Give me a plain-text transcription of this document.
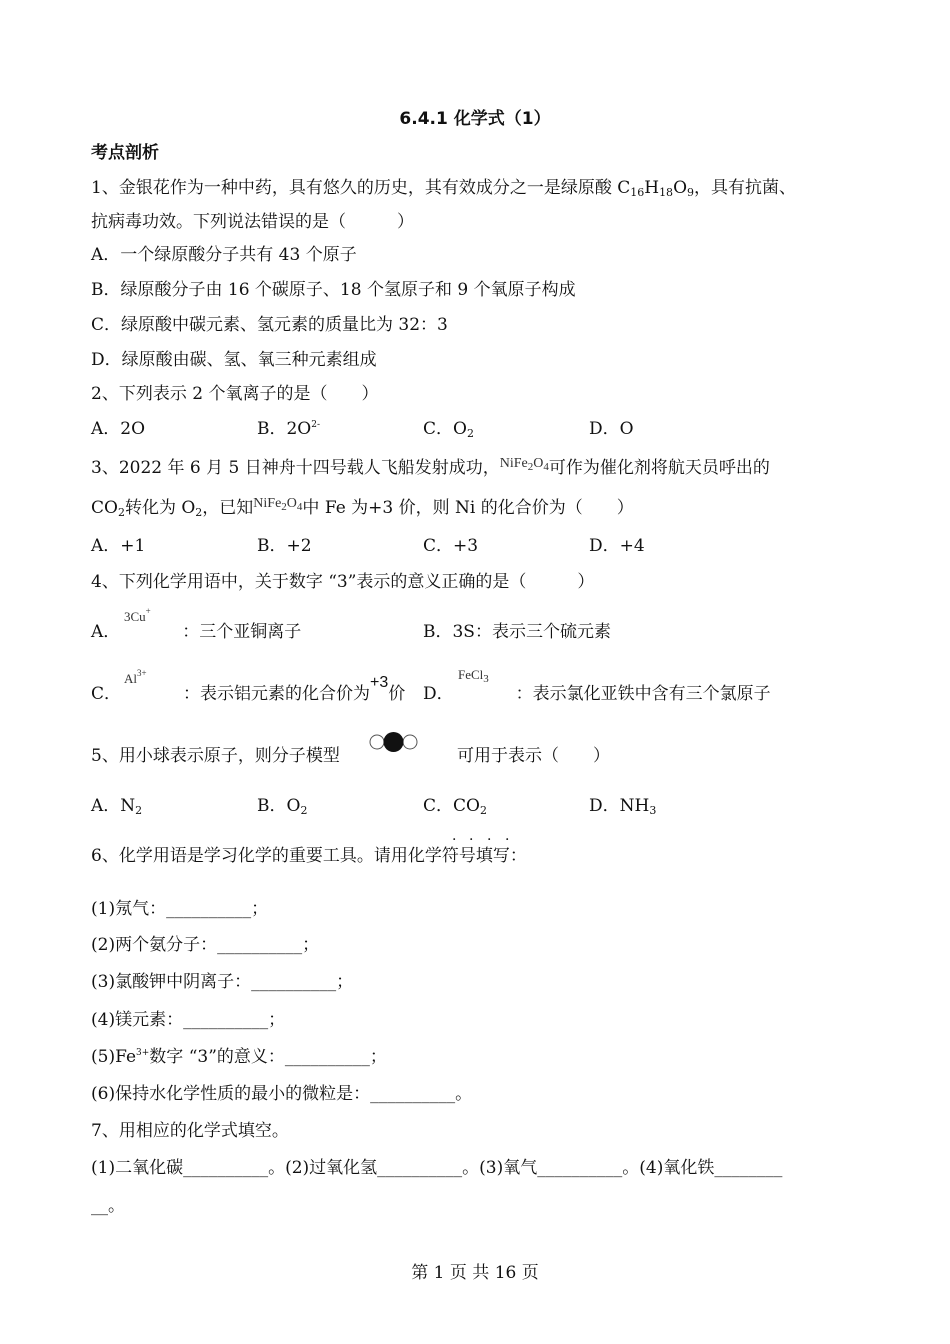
6.4.1 化学式（1）
考点剖析
1、金银花作为一种中药，具有悠久的历史，其有效成分之一是绿原酸 $C_{16}H_{18}O_9$，具有抗菌、
抗病毒功效。下列说法错误的是（　　　）
A．一个绿原酸分子共有 43 个原子
B．绿原酸分子由 16 个碳原子、18 个氢原子和 9 个氧原子构成
C．绿原酸中碳元素、氢元素的质量比为 32：3
D．绿原酸由碳、氢、氧三种元素组成
2、下列表示 2 个氧离子的是（　　）
A．2O	B．$2O^{2-}$	C．$O_2$	D．O
3、2022 年 6 月 5 日神舟十四号载人飞船发射成功，$^{NiFe_2O_4}$可作为催化剂将航天员呼出的
$CO_2$转化为 $O_2$，已知$^{NiFe_2O_4}$中 Fe 为+3 价，则 Ni 的化合价为（　　）
A．+1	B．+2	C．+3	D．+4
4、下列化学用语中，关于数字 “3”表示的意义正确的是（　　　）
A．	：三个亚铜离子
3Cu+
B．3S：表示三个硫元素
C．	：表示铝元素的化合价为+3价
$Al^{3+}$
D．	：表示氯化亚铁中含有三个氯原子
FeCl$_3$
5、用小球表示原子，则分子模型	可用于表示（　　）
A．$N_2$	B．$O_2$	C．$CO_2$	D．$NH_3$
· · · ·
6、化学用语是学习化学的重要工具。请用化学符号填写：
(1)氖气：__________；
(2)两个氨分子：__________；
(3)氯酸钾中阴离子：__________；
(4)镁元素：__________；
$(5)Fe^{3+}$数字 “3”的意义：__________；
(6)保持水化学性质的最小的微粒是：__________。
7、用相应的化学式填空。
(1)二氧化碳__________。(2)过氧化氢__________。(3)氧气__________。(4)氧化铁________
__。
第 1 页 共 16 页
